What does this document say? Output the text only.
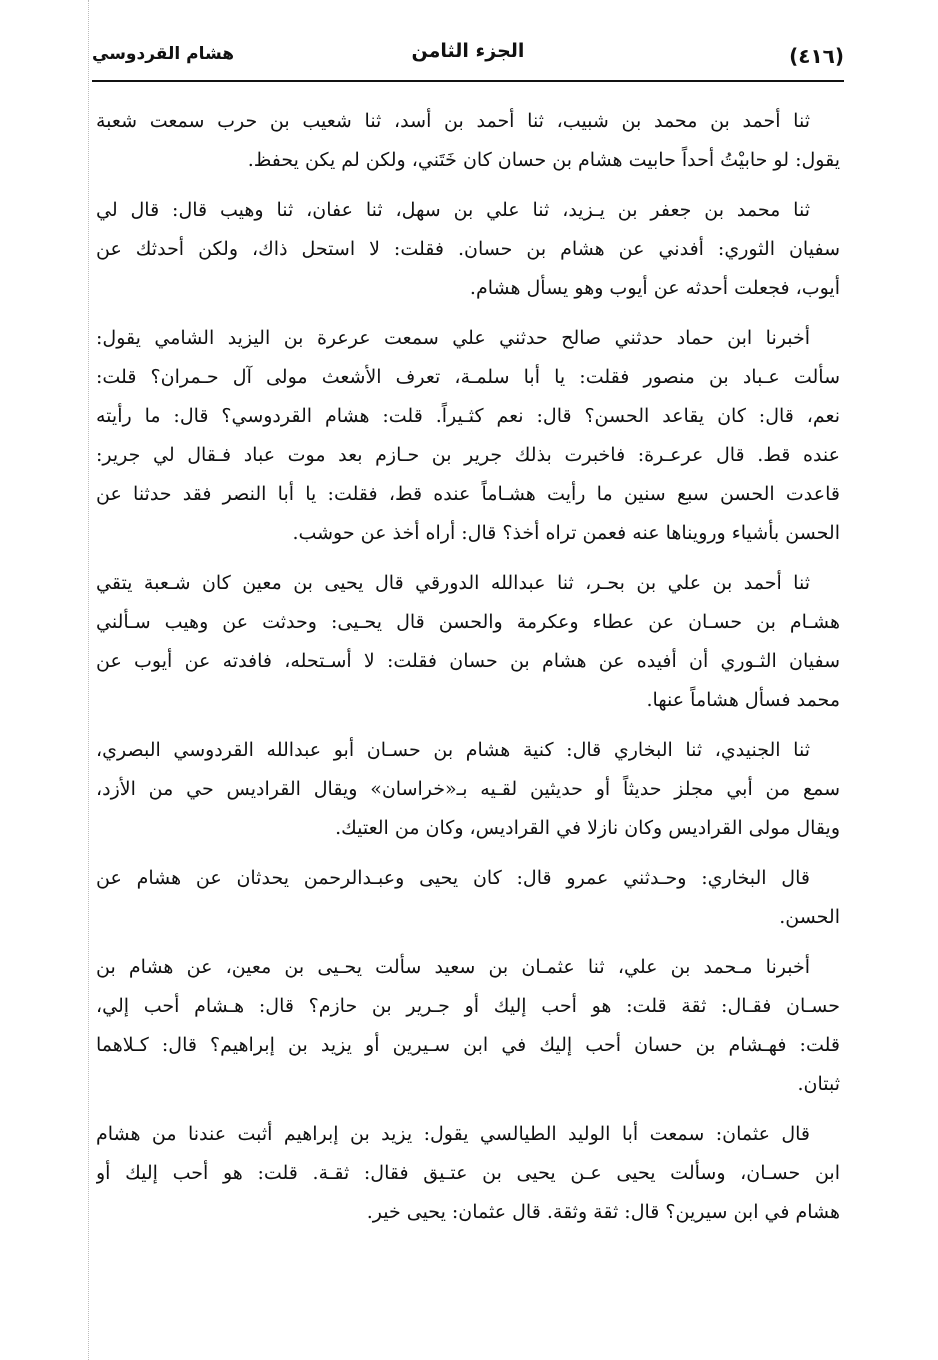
(٤١٦)
الجزء الثامن
هشام القردوسي
ثنا أحمد بن محمد بن شبيب، ثنا أحمد بن أسد، ثنا شعيب بن حرب سمعت شعبة
يقول: لو حابيْتُ أحداً حابيت هشام بن حسان كان خَتَني، ولكن لم يكن يحفظ.
ثنا محمد بن جعفر بن يـزيد، ثنا علي بن سهل، ثنا عفان، ثنا وهيب قال: قال لي
سفيان الثوري: أفدني عن هشام بن حسان. فقلت: لا استحل ذاك، ولكن أحدثك عن
أيوب، فجعلت أحدثه عن أيوب وهو يسأل هشام.
أخبرنا ابن حماد حدثني صالح حدثني علي سمعت عرعرة بن اليزيد الشامي يقول:
سألت عـباد بن منصور فقلت: يا أبا سلمـة، تعرف الأشعث مولى آل حـمران؟ قلت:
نعم، قال: كان يقاعد الحسن؟ قال: نعم كثـيراً. قلت: هشام القردوسي؟ قال: ما رأيته
عنده قط. قال عرعـرة: فاخبرت بذلك جرير بن حـازم بعد موت عباد فـقال لي جرير:
قاعدت الحسن سبع سنين ما رأيت هشـاماً عنده قط، فقلت: يا أبا النصر فقد حدثنا عن
الحسن بأشياء ورويناها عنه فعمن تراه أخذ؟ قال: أراه أخذ عن حوشب.
ثنا أحمد بن علي بن بحـر، ثنا عبدالله الدورقي قال يحيى بن معين كان شـعبة يتقي
هشـام بن حسـان عن عطاء وعكرمة والحسن قال يحـيى: وحدثت عن وهيب سـألني
سفيان الثـوري أن أفيده عن هشام بن حسان فقلت: لا أسـتحله، فافدته عن أيوب عن
محمد فسأل هشاماً عنها.
ثنا الجنيدي، ثنا البخاري قال: كنية هشام بن حسـان أبو عبدالله القردوسي البصري،
سمع من أبي مجلز حديثاً أو حديثين لقـيه بـ«خراسان» ويقال القراديس حي من الأزد،
ويقال مولى القراديس وكان نازلا في القراديس، وكان من العتيك.
قال البخاري: وحـدثني عمرو قال: كان يحيى وعبـدالرحمن يحدثان عن هشام عن
الحسن.
أخبرنا مـحمد بن علي، ثنا عثمـان بن سعيد سألت يحـيى بن معين، عن هشام بن
حسـان فقـال: ثقة قلت: هو أحب إليك أو جـرير بن حازم؟ قال: هـشام أحب إلي،
قلت: فهـشام بن حسان أحب إليك في ابن سـيرين أو يزيد بن إبراهيم؟ قال: كـلاهما
ثبتان.
قال عثمان: سمعت أبا الوليد الطيالسي يقول: يزيد بن إبراهيم أثبت عندنا من هشام
ابن حسـان، وسألت يحيى عـن يحيى بن عتـيق فقال: ثقـة. قلت: هو أحب إليك أو
هشام في ابن سيرين؟ قال: ثقة وثقة. قال عثمان: يحيى خير.
